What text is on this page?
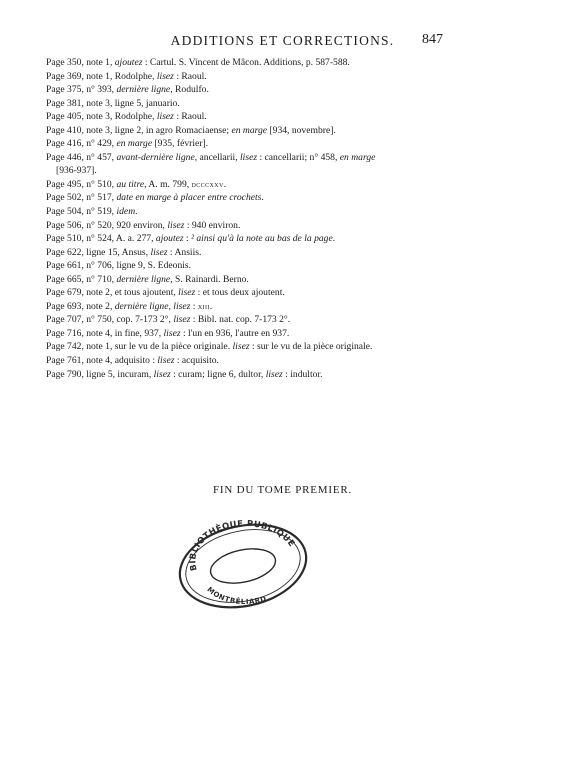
ADDITIONS ET CORRECTIONS.	847
Page 350, note 1, ajoutez : Cartul. S. Vincent de Mâcon. Additions, p. 587-588.
Page 369, note 1, Rodolphe, lisez : Raoul.
Page 375, n° 393, dernière ligne, Rodulfo.
Page 381, note 3, ligne 5, januario.
Page 405, note 3, Rodolphe, lisez : Raoul.
Page 410, note 3, ligne 2, in agro Romaciaense; en marge [934, novembre].
Page 416, n° 429, en marge [935, février].
Page 446, n° 457, avant-dernière ligne, ancellarii, lisez : cancellarii; n° 458, en marge
[936-937].
Page 495, n° 510, au titre, A. m. 799, dcccxxv.
Page 502, n° 517, date en marge à placer entre crochets.
Page 504, n° 519, idem.
Page 506, n° 520, 920 environ, lisez : 940 environ.
Page 510, n° 524, A. a. 277, ajoutez : ² ainsi qu'à la note au bas de la page.
Page 622, ligne 15, Ansus, lisez : Ansiis.
Page 661, n° 706, ligne 9, S. Edeonis.
Page 665, n° 710, dernière ligne, S. Rainardi. Berno.
Page 679, note 2, et tous ajoutent, lisez : et tous deux ajoutent.
Page 693, note 2, dernière ligne, lisez : xiii.
Page 707, n° 750, cop. 7-173 2°, lisez : Bibl. nat. cop. 7-173 2°.
Page 716, note 4, in fine, 937, lisez : l'un en 936, l'autre en 937.
Page 742, note 1, sur le vu de la pièce originale. lisez : sur le vu de la pièce originale.
Page 761, note 4, adquisito : lisez : acquisito.
Page 790, ligne 5, incuram, lisez : curam; ligne 6, dultor, lisez : indultor.
FIN DU TOME PREMIER.
BIBLIOTHÈQUE PUBLIQUE
MONTBÉLIARD
